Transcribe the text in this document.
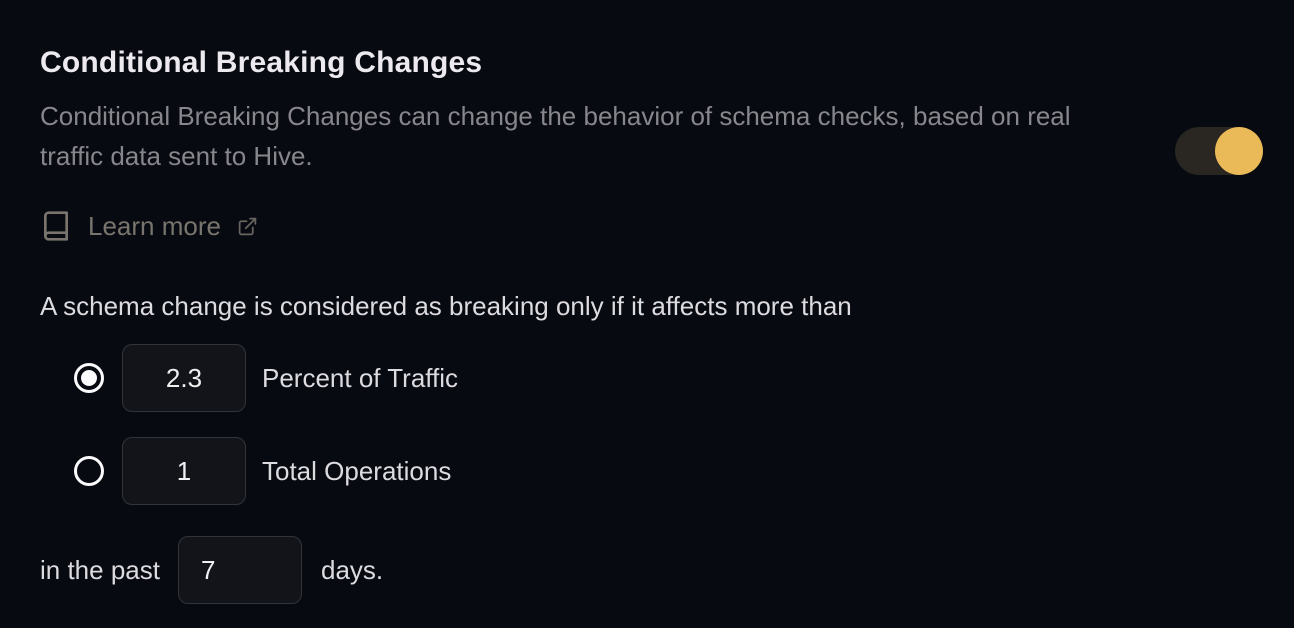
Conditional Breaking Changes
Conditional Breaking Changes can change the behavior of schema checks, based on real
traffic data sent to Hive.
Learn more
A schema change is considered as breaking only if it affects more than
2.3
Percent of Traffic
1
Total Operations
in the past
7	days.
